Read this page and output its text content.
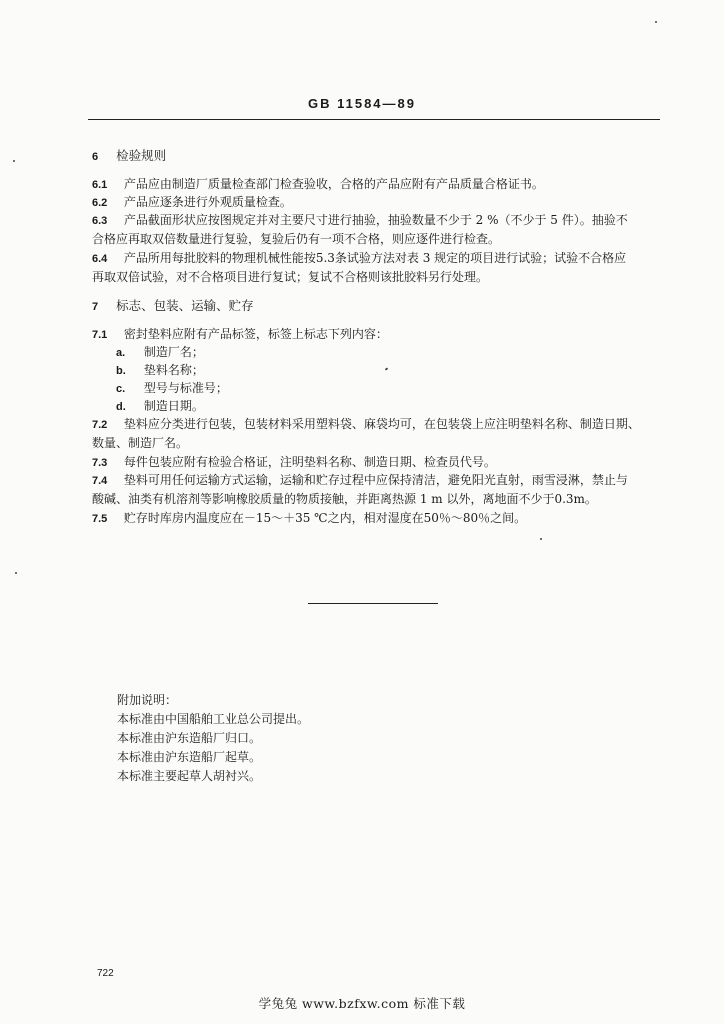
GB 11584—89
6 检验规则
6.1 产品应由制造厂质量检查部门检查验收，合格的产品应附有产品质量合格证书。
6.2 产品应逐条进行外观质量检查。
6.3 产品截面形状应按图规定并对主要尺寸进行抽验，抽验数量不少于 2 %（不少于 5 件）。抽验不
合格应再取双倍数量进行复验，复验后仍有一项不合格，则应逐件进行检查。
6.4 产品所用每批胶料的物理机械性能按5.3条试验方法对表 3 规定的项目进行试验；试验不合格应
再取双倍试验，对不合格项目进行复试；复试不合格则该批胶料另行处理。
7 标志、包装、运输、贮存
7.1 密封垫料应附有产品标签，标签上标志下列内容：
a. 制造厂名；
b. 垫料名称；
c. 型号与标准号；
d. 制造日期。
7.2 垫料应分类进行包装，包装材料采用塑料袋、麻袋均可，在包装袋上应注明垫料名称、制造日期、
数量、制造厂名。
7.3 每件包装应附有检验合格证，注明垫料名称、制造日期、检查员代号。
7.4 垫料可用任何运输方式运输，运输和贮存过程中应保持清洁，避免阳光直射，雨雪浸淋，禁止与
酸碱、油类有机溶剂等影响橡胶质量的物质接触，并距离热源 1 m 以外，离地面不少于0.3m。
7.5 贮存时库房内温度应在－15～＋35 ℃之内，相对湿度在50％～80％之间。
附加说明：
本标准由中国船舶工业总公司提出。
本标准由沪东造船厂归口。
本标准由沪东造船厂起草。
本标准主要起草人胡衬兴。
722
学兔兔 www.bzfxw.com 标准下载
